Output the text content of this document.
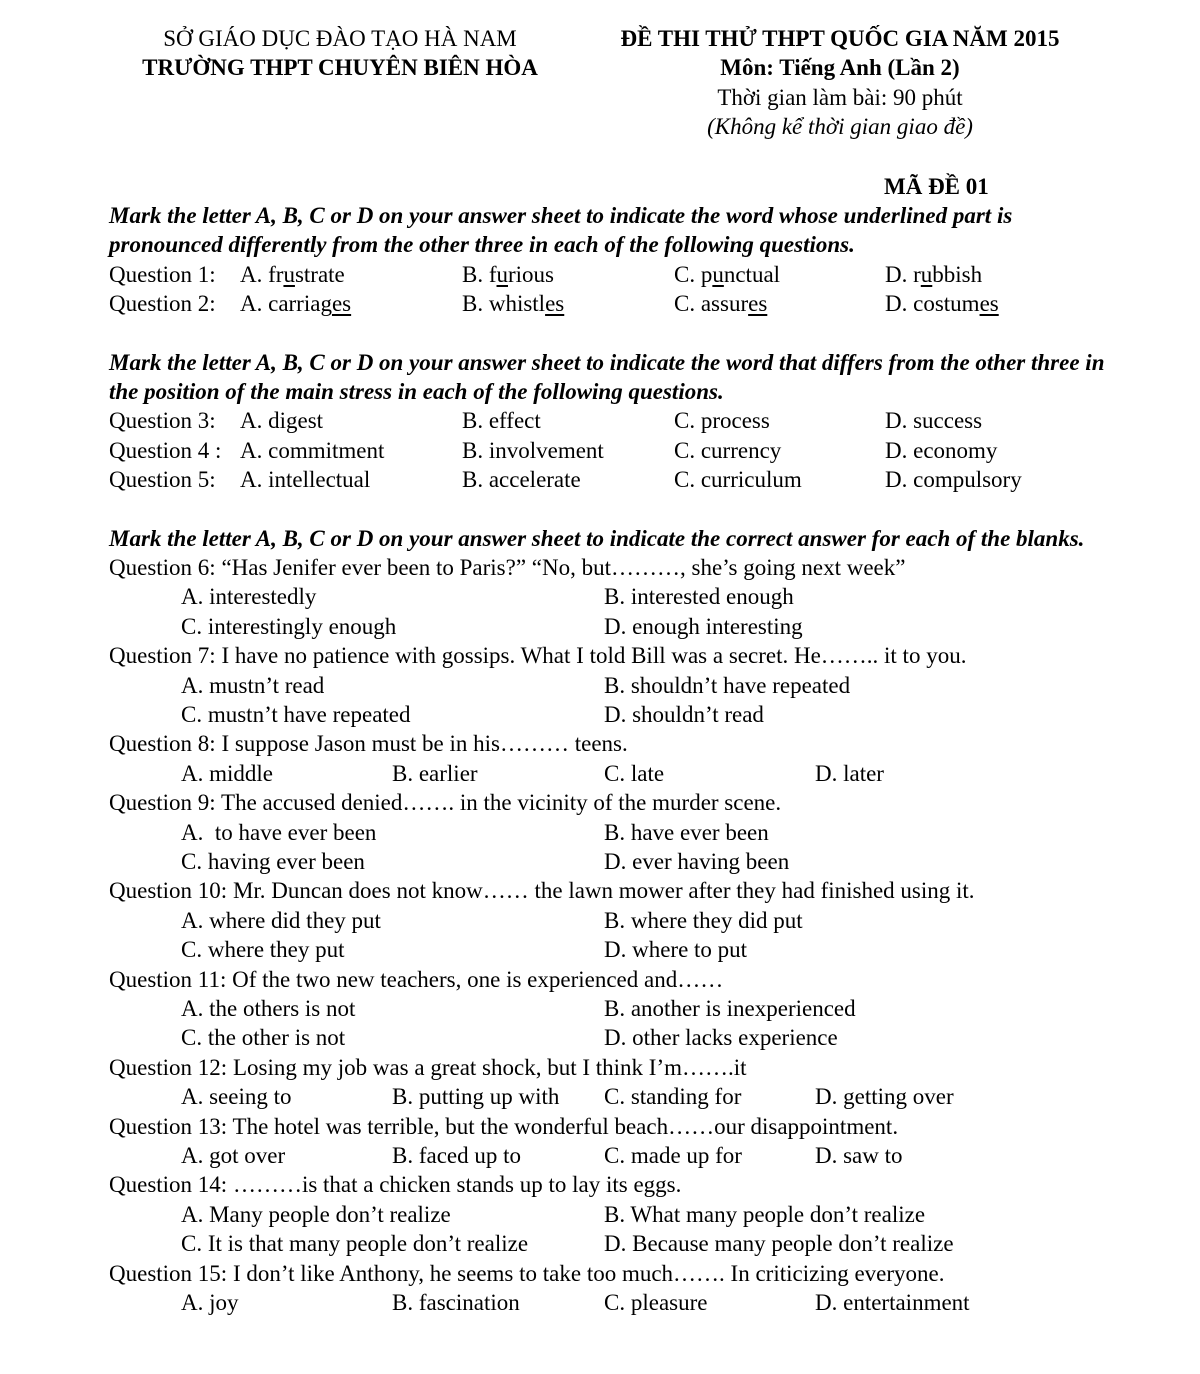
SỞ GIÁO DỤC ĐÀO TẠO HÀ NAM
TRƯỜNG THPT CHUYÊN BIÊN HÒA
ĐỀ THI THỬ THPT QUỐC GIA NĂM 2015
Môn: Tiếng Anh (Lần 2)
Thời gian làm bài: 90 phút
(Không kể thời gian giao đề)
MÃ ĐỀ 01
Mark the letter A, B, C or D on your answer sheet to indicate the word whose underlined part is pronounced differently from the other three in each of the following questions.
Question 1: A. frustrate	B. furious	C. punctual	D. rubbish
Question 2: A. carriages	B. whistles	C. assures	D. costumes
Mark the letter A, B, C or D on your answer sheet to indicate the word that differs from the other three in the position of the main stress in each of the following questions.
Question 3: A. digest	B. effect	C. process	D. success
Question 4 : A. commitment	B. involvement	C. currency	D. economy
Question 5: A. intellectual	B. accelerate	C. curriculum	D. compulsory
Mark the letter A, B, C or D on your answer sheet to indicate the correct answer for each of the blanks.
Question 6: “Has Jenifer ever been to Paris?” “No, but………, she’s going next week”
A. interestedly	B. interested enough
C. interestingly enough	D. enough interesting
Question 7: I have no patience with gossips. What I told Bill was a secret. He…….. it to you.
A. mustn’t read	B. shouldn’t have repeated
C. mustn’t have repeated	D. shouldn’t read
Question 8: I suppose Jason must be in his……… teens.
A. middle	B. earlier	C. late	D. later
Question 9: The accused denied……. in the vicinity of the murder scene.
A.  to have ever been	B. have ever been
C. having ever been	D. ever having been
Question 10: Mr. Duncan does not know…… the lawn mower after they had finished using it.
A. where did they put	B. where they did put
C. where they put	D. where to put
Question 11: Of the two new teachers, one is experienced and……
A. the others is not	B. another is inexperienced
C. the other is not	D. other lacks experience
Question 12: Losing my job was a great shock, but I think I’m…….it
A. seeing to	B. putting up with C. standing for	D. getting over
Question 13: The hotel was terrible, but the wonderful beach……our disappointment.
A. got over	B. faced up to	C. made up for	D. saw to
Question 14: ………is that a chicken stands up to lay its eggs.
A. Many people don’t realize	B. What many people don’t realize
C. It is that many people don’t realize	D. Because many people don’t realize
Question 15: I don’t like Anthony, he seems to take too much……. In criticizing everyone.
A. joy	B. fascination	C. pleasure	D. entertainment
